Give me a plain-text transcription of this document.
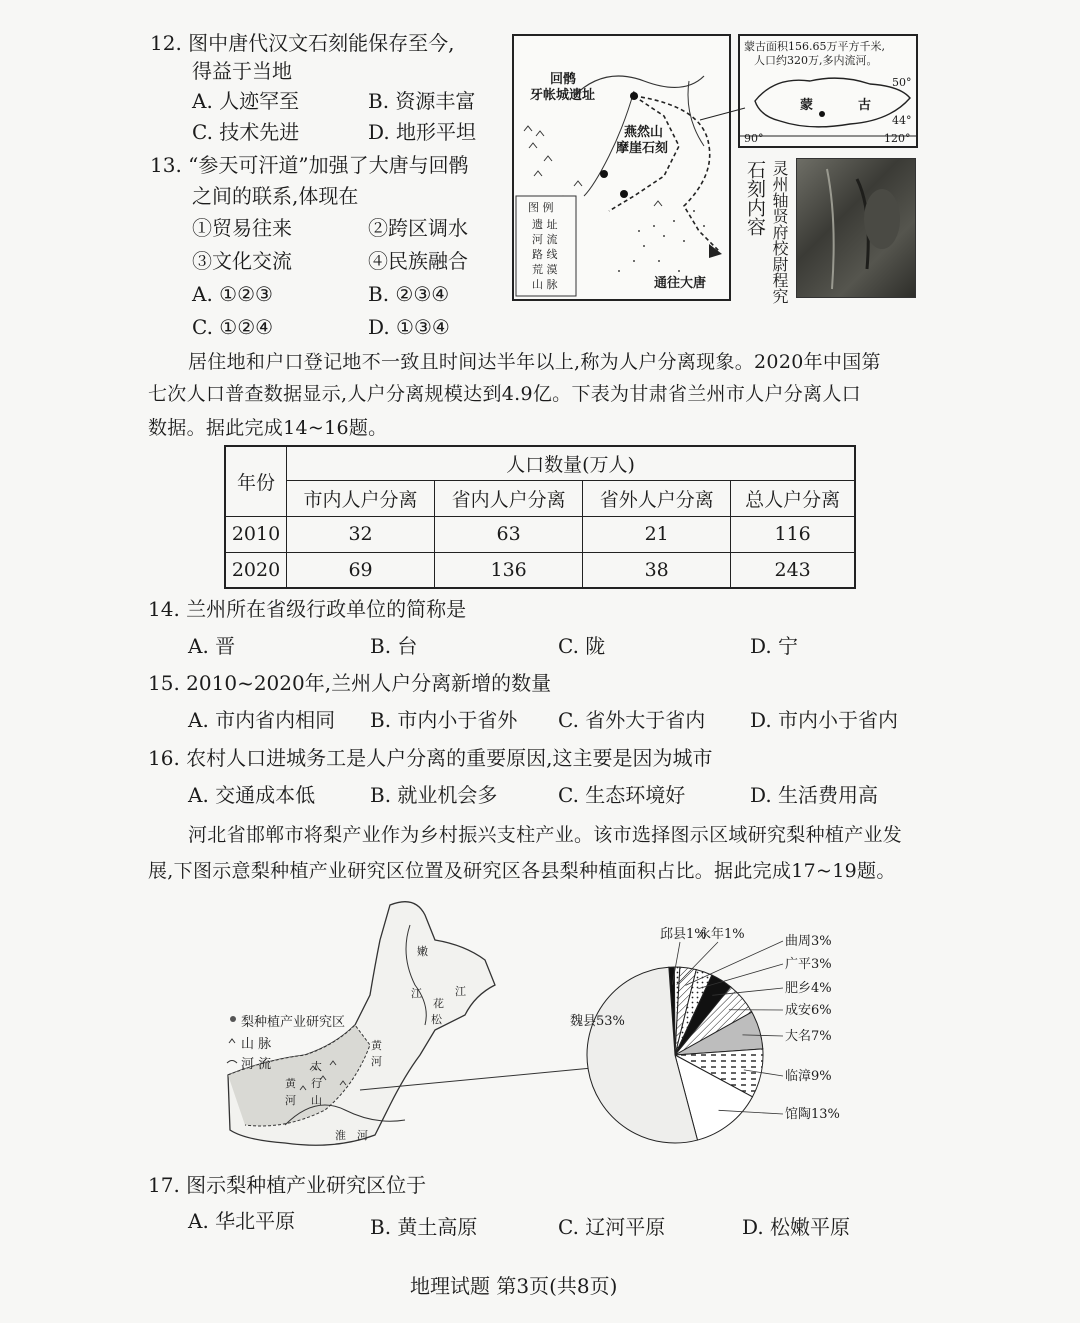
12. 图中唐代汉文石刻能保存至今,
得益于当地
A. 人迹罕至	B. 资源丰富
C. 技术先进	D. 地形平坦
13. “参天可汗道”加强了大唐与回鹘
之间的联系,体现在
①贸易往来	②跨区调水
③文化交流	④民族融合
A. ①②③	B. ②③④
C. ①②④	D. ①③④
回鹘
牙帐城遗址
燕然山
摩崖石刻
通往大唐
图 例
遗 址
河 流
路 线
荒 漠
山 脉
蒙古面积156.65万平方千米,
人口约320万,多内流河。
蒙	古
50°
44°
90°	120°
石刻内容 灵州轴贤府校尉程究
居住地和户口登记地不一致且时间达半年以上,称为人户分离现象。2020年中国第
七次人口普查数据显示,人户分离规模达到4.9亿。下表为甘肃省兰州市人户分离人口
数据。据此完成14~16题。
年份	人口数量(万人)			
	市内人户分离	省内人户分离	省外人户分离	总人户分离
2010	32	63	21	116
2020	69	136	38	243
14. 兰州所在省级行政单位的简称是
A. 晋	B. 台	C. 陇	D. 宁
15. 2010~2020年,兰州人户分离新增的数量
A. 市内省内相同 B. 市内小于省外 C. 省外大于省内 D. 市内小于省内
16. 农村人口进城务工是人户分离的重要原因,这主要是因为城市
A. 交通成本低	B. 就业机会多	C. 生态环境好	D. 生活费用高
河北省邯郸市将梨产业作为乡村振兴支柱产业。该市选择图示区域研究梨种植产业发
展,下图示意梨种植产业研究区位置及研究区各县梨种植面积占比。据此完成17~19题。
梨种植产业研究区
山 脉
河 流
嫩
江
花
松
江
黄
河
太
行
山
黄
河
淮 河
邱县1%
永年1%	曲周3%
广平3%
肥乡4%
成安6%
大名7%
临漳9%
馆陶13%
魏县53%
17. 图示梨种植产业研究区位于
A. 华北平原	B. 黄土高原	C. 辽河平原	D. 松嫩平原
地理试题 第3页(共8页)
